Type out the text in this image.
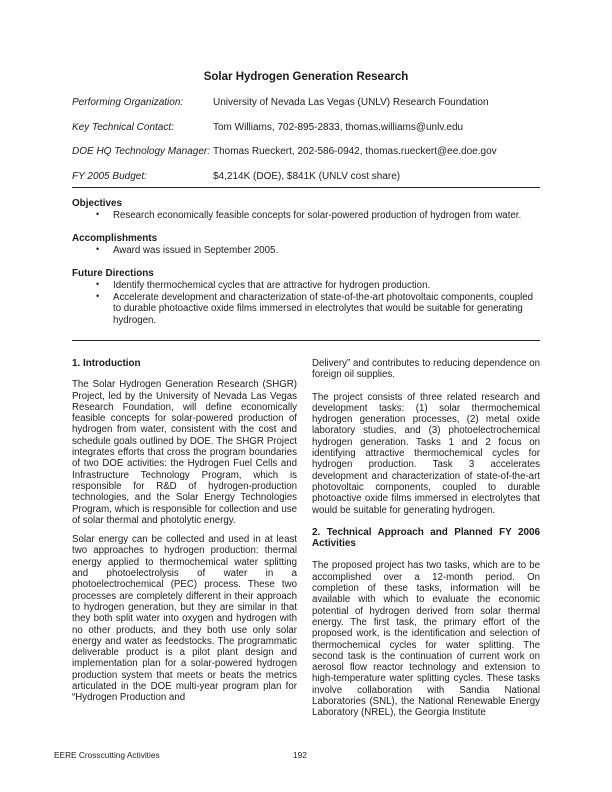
Solar Hydrogen Generation Research
Performing Organization:	University of Nevada Las Vegas (UNLV) Research Foundation
Key Technical Contact:	Tom Williams, 702-895-2833, thomas.williams@unlv.edu
DOE HQ Technology Manager: Thomas Rueckert, 202-586-0942, thomas.rueckert@ee.doe.gov
FY 2005 Budget:	$4,214K (DOE), $841K (UNLV cost share)
Objectives
• Research economically feasible concepts for solar-powered production of hydrogen from water.
Accomplishments
• Award was issued in September 2005.
Future Directions
• Identify thermochemical cycles that are attractive for hydrogen production.
• Accelerate development and characterization of state-of-the-art photovoltaic components, coupled to durable photoactive oxide films immersed in electrolytes that would be suitable for generating hydrogen.
1. Introduction
The Solar Hydrogen Generation Research (SHGR) Project, led by the University of Nevada Las Vegas Research Foundation, will define economically feasible concepts for solar-powered production of hydrogen from water, consistent with the cost and schedule goals outlined by DOE. The SHGR Project integrates efforts that cross the program boundaries of two DOE activities: the Hydrogen Fuel Cells and Infrastructure Technology Program, which is responsible for R&D of hydrogen-production technologies, and the Solar Energy Technologies Program, which is responsible for collection and use of solar thermal and photolytic energy.
Solar energy can be collected and used in at least two approaches to hydrogen production: thermal energy applied to thermochemical water splitting and photoelectrolysis of water in a photoelectrochemical (PEC) process. These two processes are completely different in their approach to hydrogen generation, but they are similar in that they both split water into oxygen and hydrogen with no other products, and they both use only solar energy and water as feedstocks. The programmatic deliverable product is a pilot plant design and implementation plan for a solar-powered hydrogen production system that meets or beats the metrics articulated in the DOE multi-year program plan for “Hydrogen Production and
Delivery” and contributes to reducing dependence on foreign oil supplies.
The project consists of three related research and development tasks: (1) solar thermochemical hydrogen generation processes, (2) metal oxide laboratory studies, and (3) photoelectrochemical hydrogen generation. Tasks 1 and 2 focus on identifying attractive thermochemical cycles for hydrogen production. Task 3 accelerates development and characterization of state-of-the-art photovoltaic components, coupled to durable photoactive oxide films immersed in electrolytes that would be suitable for generating hydrogen.
2. Technical Approach and Planned FY 2006 Activities
The proposed project has two tasks, which are to be accomplished over a 12-month period. On completion of these tasks, information will be available with which to evaluate the economic potential of hydrogen derived from solar thermal energy. The first task, the primary effort of the proposed work, is the identification and selection of thermochemical cycles for water splitting. The second task is the continuation of current work on aerosol flow reactor technology and extension to high-temperature water splitting cycles. These tasks involve collaboration with Sandia National Laboratories (SNL), the National Renewable Energy Laboratory (NREL), the Georgia Institute
EERE Crosscutting Activities	192
